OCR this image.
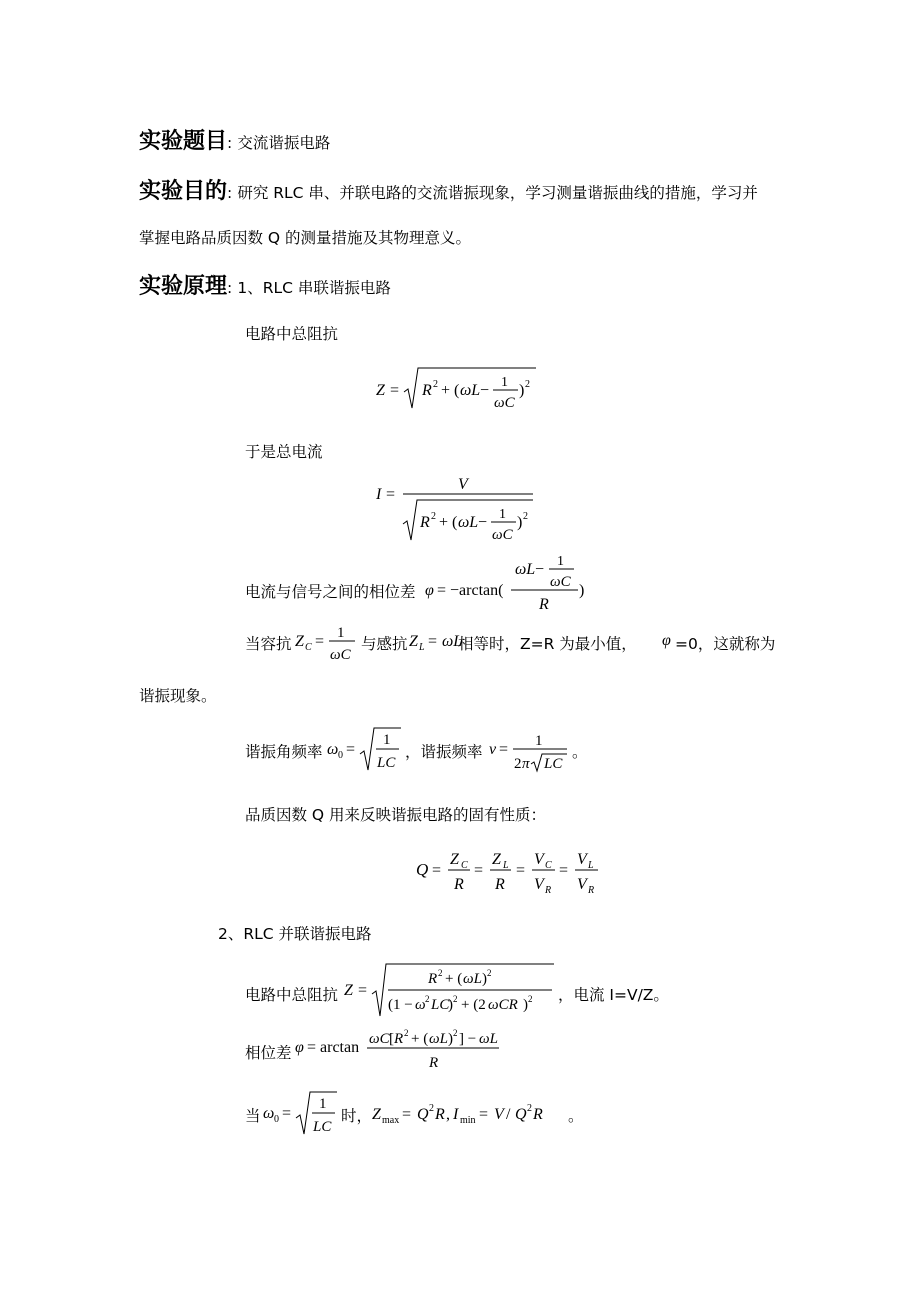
实验题目: 交流谐振电路
实验目的: 研究 RLC 串、并联电路的交流谐振现象，学习测量谐振曲线的措施，学习并
掌握电路品质因数 Q 的测量措施及其物理意义。
实验原理: 1、RLC 串联谐振电路
电路中总阻抗
Z = R 2 + ( ωL − 1
ωC
) 2
于是总电流
I =
V
R 2 + ( ωL − 1
ωC
) 2
电流与信号之间的相位差 φ = −arctan(
ωL − 1
ωC
R
)
当容抗 Z C = 1
ωC
与感抗 Z L = ωL
相等时，Z=R 为最小值， φ =0，这就称为
谐振现象。
谐振角频率 ω 0 =
1
LC
，谐振频率 ν = 1
2 π LC
。
品质因数 Q 用来反映谐振电路的固有性质：
Q =
Z C
R
=
Z L
R
=
V C
V R
=
V L
V R
2、RLC 并联谐振电路
电路中总阻抗 Z =
R 2 + ( ωL ) 2
(1 − ω 2 LC
) 2 + (2 ωCR ) 2 ，电流 I=V/Z。
相位差 φ = arctan ωC [ R 2 + ( ωL ) 2 ] − ωL
R
当 ω 0 =
1
LC
时， Z max = Q 2 R , I min = V / Q 2 R 。
